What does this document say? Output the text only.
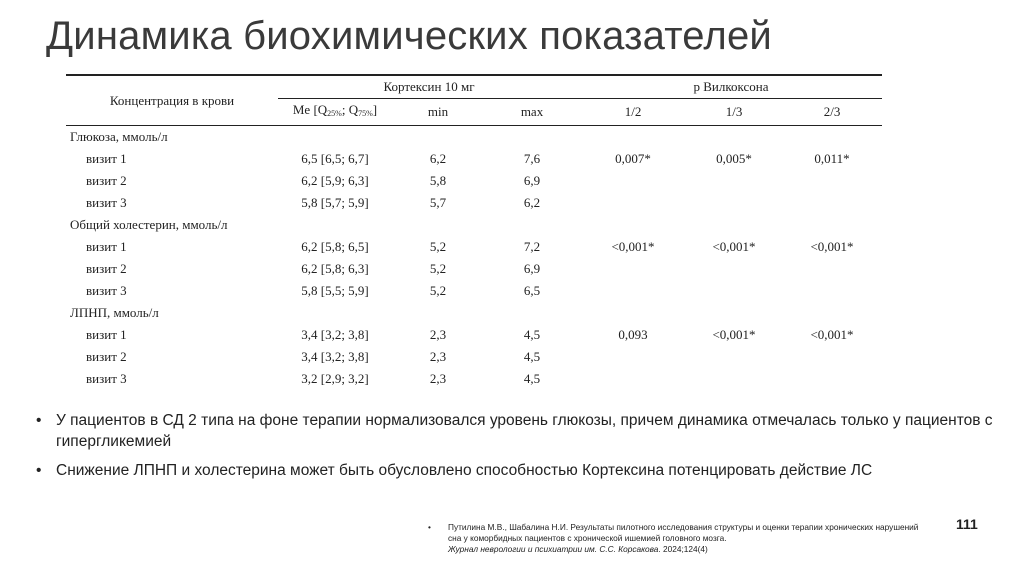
Динамика биохимических показателей
Концентрация в крови	Кортексин 10 мг			p Вилкоксона		
	Me [$Q_{25\%}$; $Q_{75\%}$]	min	max	1/2	1/3	2/3
Глюкоза, ммоль/л						
визит 1	6,5 [6,5; 6,7]	6,2	7,6	0,007*	0,005*	0,011*
визит 2	6,2 [5,9; 6,3]	5,8	6,9			
визит 3	5,8 [5,7; 5,9]	5,7	6,2			
Общий холестерин, ммоль/л						
визит 1	6,2 [5,8; 6,5]	5,2	7,2	<0,001*	<0,001*	<0,001*
визит 2	6,2 [5,8; 6,3]	5,2	6,9			
визит 3	5,8 [5,5; 5,9]	5,2	6,5			
ЛПНП, ммоль/л						
визит 1	3,4 [3,2; 3,8]	2,3	4,5	0,093	<0,001*	<0,001*
визит 2	3,4 [3,2; 3,8]	2,3	4,5			
визит 3	3,2 [2,9; 3,2]	2,3	4,5			
• У пациентов в СД 2 типа на фоне терапии нормализовался уровень глюкозы, причем динамика отмечалась только у пациентов с гипергликемией
• Снижение ЛПНП и холестерина может быть обусловлено способностью Кортексина потенцировать действие ЛС
•	Путилина М.В., Шабалина Н.И. Результаты пилотного исследования структуры и оценки терапии хронических нарушений сна у коморбидных пациентов с хронической ишемией головного мозга.
Журнал неврологии и психиатрии им. С.С. Корсакова. 2024;124(4)
111
